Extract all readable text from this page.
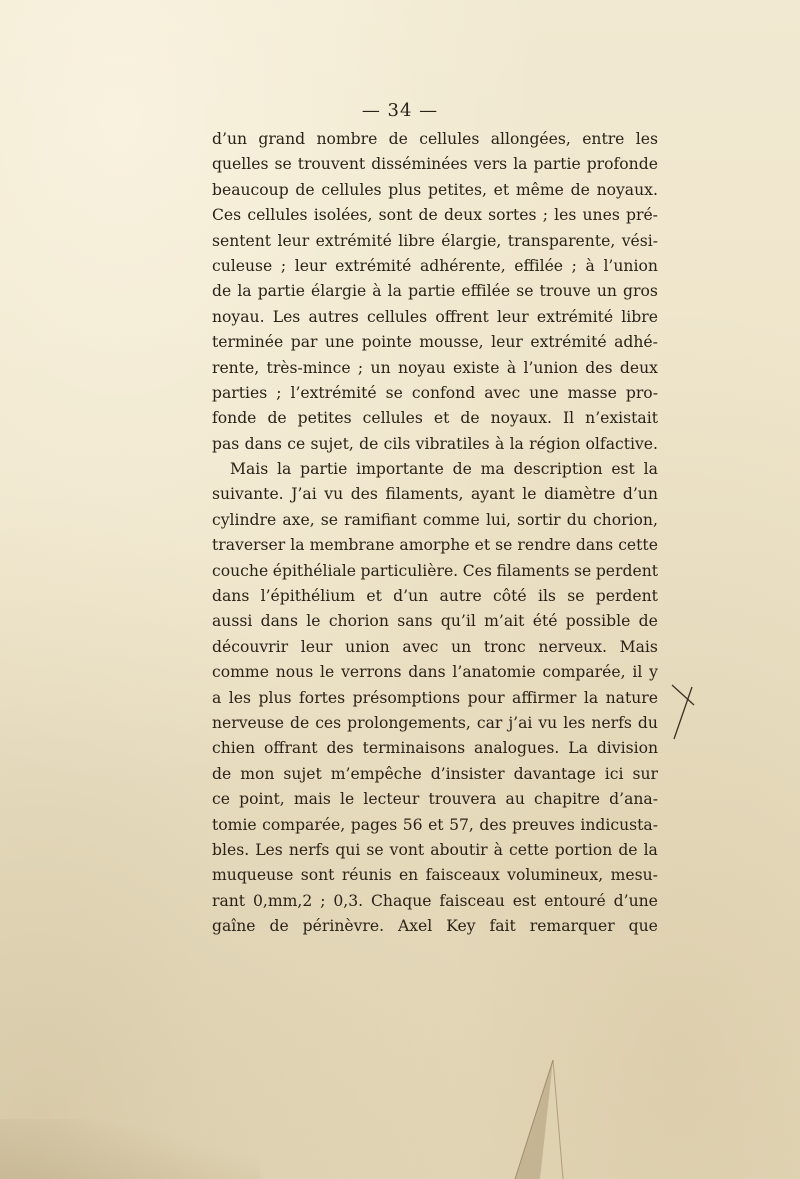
— 34 —
d’un grand nombre de cellules allongées, entre les
quelles se trouvent disséminées vers la partie profonde
beaucoup de cellules plus petites, et même de noyaux.
Ces cellules isolées, sont de deux sortes ; les unes pré-
sentent leur extrémité libre élargie, transparente, vési-
culeuse ; leur extrémité adhérente, effilée ; à l’union
de la partie élargie à la partie effilée se trouve un gros
noyau. Les autres cellules offrent leur extrémité libre
terminée par une pointe mousse, leur extrémité adhé-
rente, très-mince ; un noyau existe à l’union des deux
parties ; l’extrémité se confond avec une masse pro-
fonde de petites cellules et de noyaux. Il n’existait
pas dans ce sujet, de cils vibratiles à la région olfactive.
Mais la partie importante de ma description est la
suivante. J’ai vu des filaments, ayant le diamètre d’un
cylindre axe, se ramifiant comme lui, sortir du chorion,
traverser la membrane amorphe et se rendre dans cette
couche épithéliale particulière. Ces filaments se perdent
dans l’épithélium et d’un autre côté ils se perdent
aussi dans le chorion sans qu’il m’ait été possible de
découvrir leur union avec un tronc nerveux. Mais
comme nous le verrons dans l’anatomie comparée, il y
a les plus fortes présomptions pour affirmer la nature
nerveuse de ces prolongements, car j’ai vu les nerfs du
chien offrant des terminaisons analogues. La division
de mon sujet m’empêche d’insister davantage ici sur
ce point, mais le lecteur trouvera au chapitre d’ana-
tomie comparée, pages 56 et 57, des preuves indicusta-
bles. Les nerfs qui se vont aboutir à cette portion de la
muqueuse sont réunis en faisceaux volumineux, mesu-
rant 0,mm,2 ; 0,3. Chaque faisceau est entouré d’une
gaîne de périnèvre. Axel Key fait remarquer que
